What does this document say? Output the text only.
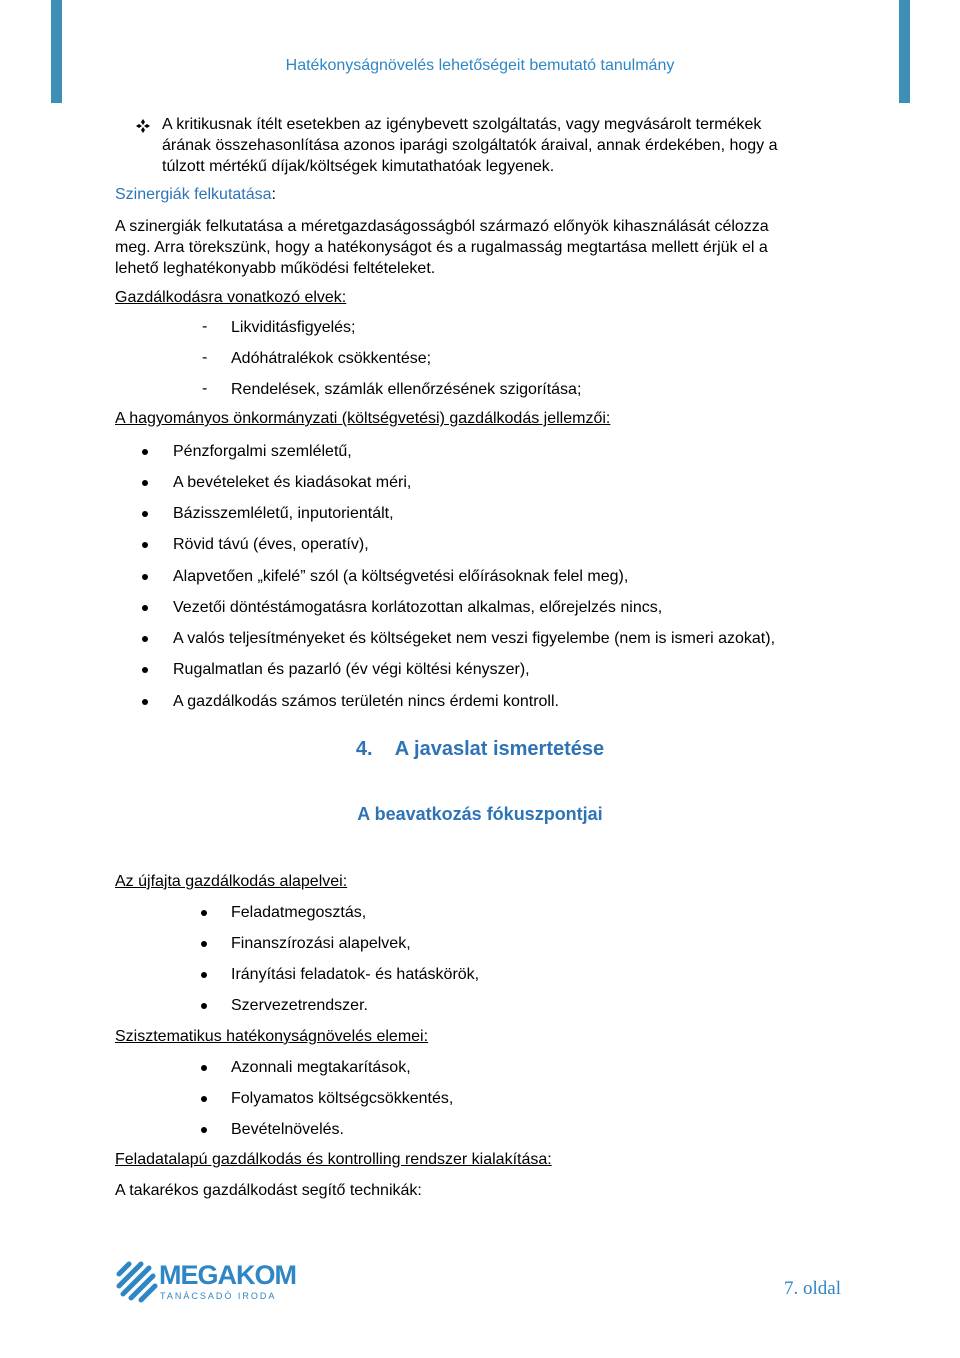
Hatékonyságnövelés lehetőségeit bemutató tanulmány
A kritikusnak ítélt esetekben az igénybevett szolgáltatás, vagy megvásárolt termékek
árának összehasonlítása azonos iparági szolgáltatók áraival, annak érdekében, hogy a
túlzott mértékű díjak/költségek kimutathatóak legyenek.
Szinergiák felkutatása:
A szinergiák felkutatása a méretgazdaságosságból származó előnyök kihasználását célozza
meg. Arra törekszünk, hogy a hatékonyságot és a rugalmasság megtartása mellett érjük el a
lehető leghatékonyabb működési feltételeket.
Gazdálkodásra vonatkozó elvek:
- Likviditásfigyelés;
- Adóhátralékok csökkentése;
- Rendelések, számlák ellenőrzésének szigorítása;
A hagyományos önkormányzati (költségvetési) gazdálkodás jellemzői:
Pénzforgalmi szemléletű,
A bevételeket és kiadásokat méri,
Bázisszemléletű, inputorientált,
Rövid távú (éves, operatív),
Alapvetően „kifelé” szól (a költségvetési előírásoknak felel meg),
Vezetői döntéstámogatásra korlátozottan alkalmas, előrejelzés nincs,
A valós teljesítményeket és költségeket nem veszi figyelembe (nem is ismeri azokat),
Rugalmatlan és pazarló (év végi költési kényszer),
A gazdálkodás számos területén nincs érdemi kontroll.
4. A javaslat ismertetése
A beavatkozás fókuszpontjai
Az újfajta gazdálkodás alapelvei:
Feladatmegosztás,
Finanszírozási alapelvek,
Irányítási feladatok- és hatáskörök,
Szervezetrendszer.
Szisztematikus hatékonyságnövelés elemei:
Azonnali megtakarítások,
Folyamatos költségcsökkentés,
Bevételnövelés.
Feladatalapú gazdálkodás és kontrolling rendszer kialakítása:
A takarékos gazdálkodást segítő technikák:
MEGAKOM
TANÁCSADÓ IRODA	7. oldal
